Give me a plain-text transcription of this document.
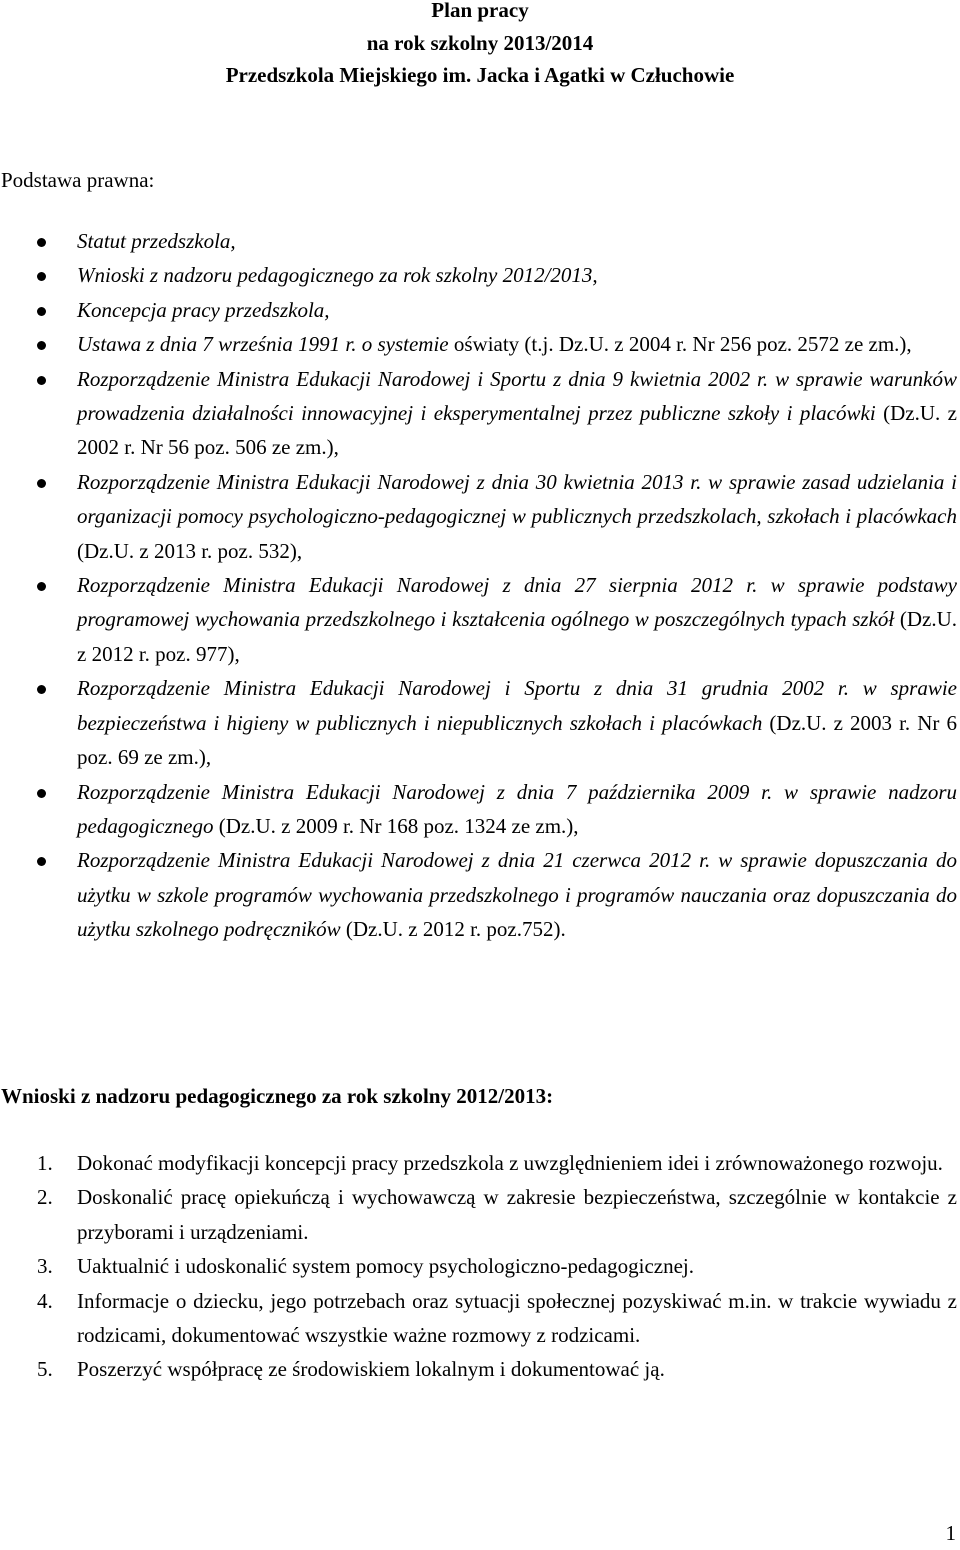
Plan pracy
na rok szkolny 2013/2014
Przedszkola Miejskiego im. Jacka i Agatki w Człuchowie
Podstawa prawna:
Statut przedszkola,
Wnioski z nadzoru pedagogicznego za rok szkolny 2012/2013,
Koncepcja pracy przedszkola,
Ustawa z dnia 7 września 1991 r. o systemie oświaty (t.j. Dz.U. z 2004 r. Nr 256 poz. 2572 ze zm.),
Rozporządzenie Ministra Edukacji Narodowej i Sportu z dnia 9 kwietnia 2002 r. w sprawie warunków prowadzenia działalności innowacyjnej i eksperymentalnej przez publiczne szkoły i placówki (Dz.U. z 2002 r. Nr 56 poz. 506 ze zm.),
Rozporządzenie Ministra Edukacji Narodowej z dnia 30 kwietnia 2013 r. w sprawie zasad udzielania i organizacji pomocy psychologiczno-pedagogicznej w publicznych przedszkolach, szkołach i placówkach (Dz.U. z 2013 r. poz. 532),
Rozporządzenie Ministra Edukacji Narodowej z dnia 27 sierpnia 2012 r. w sprawie podstawy programowej wychowania przedszkolnego i kształcenia ogólnego w poszczególnych typach szkół (Dz.U. z 2012 r. poz. 977),
Rozporządzenie Ministra Edukacji Narodowej i Sportu z dnia 31 grudnia 2002 r. w sprawie bezpieczeństwa i higieny w publicznych i niepublicznych szkołach i placówkach (Dz.U. z 2003 r. Nr 6 poz. 69 ze zm.),
Rozporządzenie Ministra Edukacji Narodowej z dnia 7 października 2009 r. w sprawie nadzoru pedagogicznego (Dz.U. z 2009 r. Nr 168 poz. 1324 ze zm.),
Rozporządzenie Ministra Edukacji Narodowej z dnia 21 czerwca 2012 r. w sprawie dopuszczania do użytku w szkole programów wychowania przedszkolnego i programów nauczania oraz dopuszczania do użytku szkolnego podręczników (Dz.U. z 2012 r. poz.752).
Wnioski z nadzoru pedagogicznego za rok szkolny 2012/2013:
1. Dokonać modyfikacji koncepcji pracy przedszkola z uwzględnieniem idei i zrównoważonego rozwoju.
2. Doskonalić pracę opiekuńczą i wychowawczą w zakresie bezpieczeństwa, szczególnie w kontakcie z przyborami i urządzeniami.
3. Uaktualnić i udoskonalić system pomocy psychologiczno-pedagogicznej.
4. Informacje o dziecku, jego potrzebach oraz sytuacji społecznej pozyskiwać m.in. w trakcie wywiadu z rodzicami, dokumentować wszystkie ważne rozmowy z rodzicami.
5. Poszerzyć współpracę ze środowiskiem lokalnym i dokumentować ją.
1
